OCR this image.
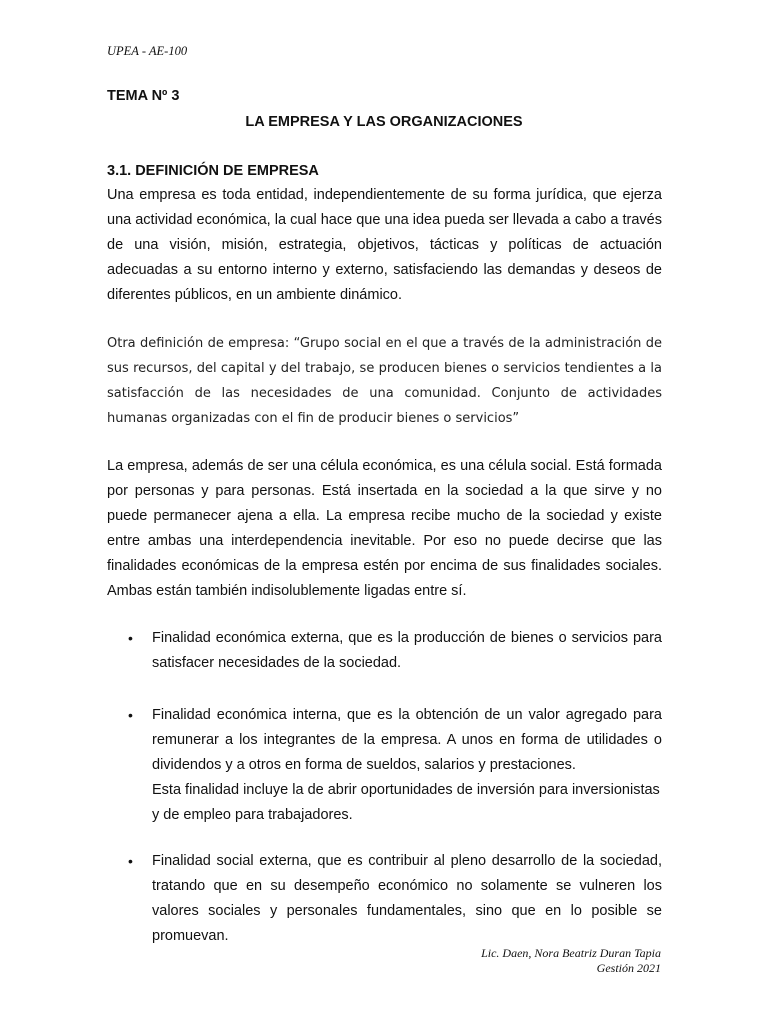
UPEA - AE-100
TEMA Nº 3
LA EMPRESA Y LAS ORGANIZACIONES
3.1. DEFINICIÓN DE EMPRESA
Una empresa es toda entidad, independientemente de su forma jurídica, que ejerza una actividad económica, la cual hace que una idea pueda ser llevada a cabo a través de una visión, misión, estrategia, objetivos, tácticas y políticas de actuación adecuadas a su entorno interno y externo, satisfaciendo las demandas y deseos de diferentes públicos, en un ambiente dinámico.
Otra definición de empresa: “Grupo social en el que a través de la administración de sus recursos, del capital y del trabajo, se producen bienes o servicios tendientes a la satisfacción de las necesidades de una comunidad. Conjunto de actividades humanas organizadas con el fin de producir bienes o servicios”
La empresa, además de ser una célula económica, es una célula social. Está formada por personas y para personas. Está insertada en la sociedad a la que sirve y no puede permanecer ajena a ella. La empresa recibe mucho de la sociedad y existe entre ambas una interdependencia inevitable. Por eso no puede decirse que las finalidades económicas de la empresa estén por encima de sus finalidades sociales. Ambas están también indisolublemente ligadas entre sí.
• Finalidad económica externa, que es la producción de bienes o servicios para satisfacer necesidades de la sociedad.
• Finalidad económica interna, que es la obtención de un valor agregado para remunerar a los integrantes de la empresa. A unos en forma de utilidades o dividendos y a otros en forma de sueldos, salarios y prestaciones.
Esta finalidad incluye la de abrir oportunidades de inversión para inversionistas y de empleo para trabajadores.
• Finalidad social externa, que es contribuir al pleno desarrollo de la sociedad, tratando que en su desempeño económico no solamente se vulneren los valores sociales y personales fundamentales, sino que en lo posible se promuevan.
Lic. Daen, Nora Beatriz Duran Tapia
Gestión 2021
